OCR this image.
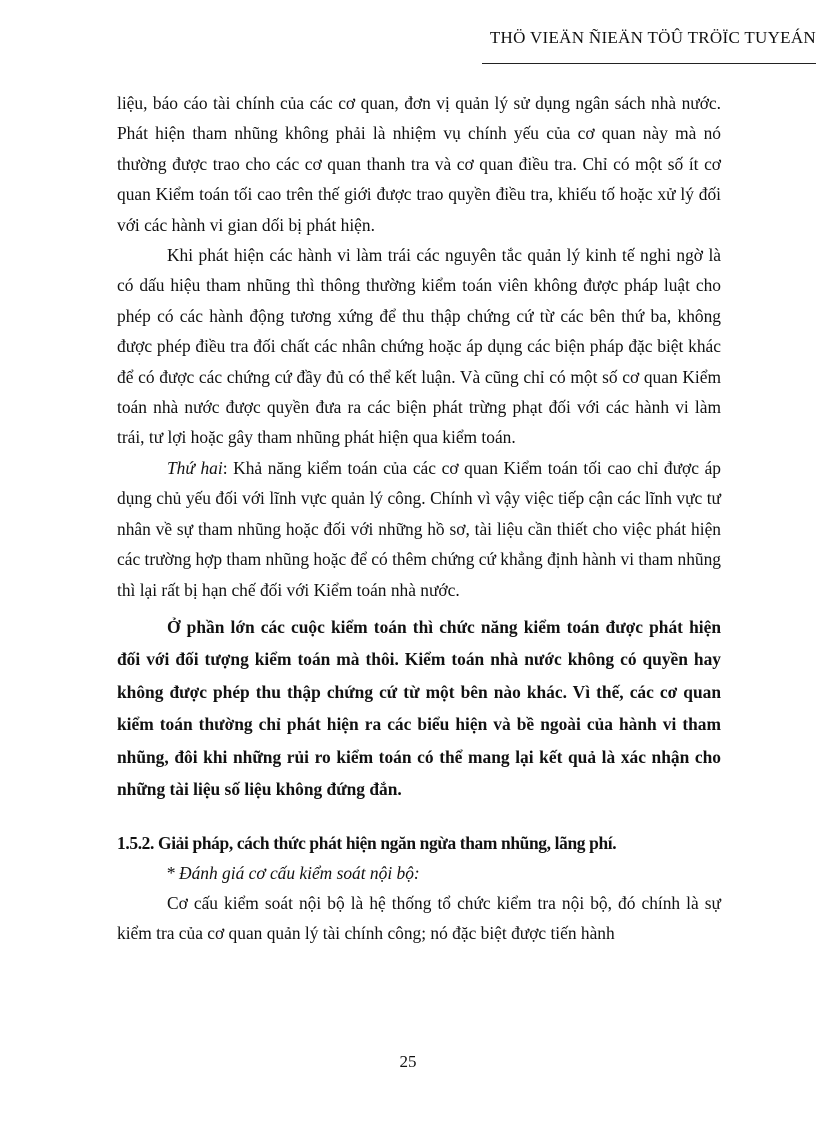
THÖ VIEÄN ÑIEÄN TÖÛ TRÖÏC TUYEÁN

liệu, báo cáo tài chính của các cơ quan, đơn vị quản lý sử dụng ngân sách nhà nước. Phát hiện tham nhũng không phải là nhiệm vụ chính yếu của cơ quan này mà nó thường được trao cho các cơ quan thanh tra và cơ quan điều tra. Chỉ có một số ít cơ quan Kiểm toán tối cao trên thế giới được trao quyền điều tra, khiếu tố hoặc xử lý đối với các hành vi gian dối bị phát hiện.

Khi phát hiện các hành vi làm trái các nguyên tắc quản lý kinh tế nghi ngờ là có dấu hiệu tham nhũng thì thông thường kiểm toán viên không được pháp luật cho phép có các hành động tương xứng để thu thập chứng cứ từ các bên thứ ba, không được phép điều tra đối chất các nhân chứng hoặc áp dụng các biện pháp đặc biệt khác để có được các chứng cứ đầy đủ có thể kết luận. Và cũng chỉ có một số cơ quan Kiểm toán nhà nước được quyền đưa ra các biện phát trừng phạt đối với các hành vi làm trái, tư lợi hoặc gây tham nhũng phát hiện qua kiểm toán.

Thứ hai: Khả năng kiểm toán của các cơ quan Kiểm toán tối cao chỉ được áp dụng chủ yếu đối với lĩnh vực quản lý công. Chính vì vậy việc tiếp cận các lĩnh vực tư nhân về sự tham nhũng hoặc đối với những hồ sơ, tài liệu cần thiết cho việc phát hiện các trường hợp tham nhũng hoặc để có thêm chứng cứ khẳng định hành vi tham nhũng thì lại rất bị hạn chế đối với Kiểm toán nhà nước.

Ở phần lớn các cuộc kiểm toán thì chức năng kiểm toán được phát hiện đối với đối tượng kiểm toán mà thôi. Kiểm toán nhà nước không có quyền hay không được phép thu thập chứng cứ từ một bên nào khác. Vì thế, các cơ quan kiểm toán thường chỉ phát hiện ra các biểu hiện và bề ngoài của hành vi tham nhũng, đôi khi những rủi ro kiểm toán có thể mang lại kết quả là xác nhận cho những tài liệu số liệu không đứng đắn.

1.5.2. Giải pháp, cách thức phát hiện ngăn ngừa tham nhũng, lãng phí.

* Đánh giá cơ cấu kiểm soát nội bộ:

Cơ cấu kiểm soát nội bộ là hệ thống tổ chức kiểm tra nội bộ, đó chính là sự kiểm tra của cơ quan quản lý tài chính công; nó đặc biệt được tiến hành

25
